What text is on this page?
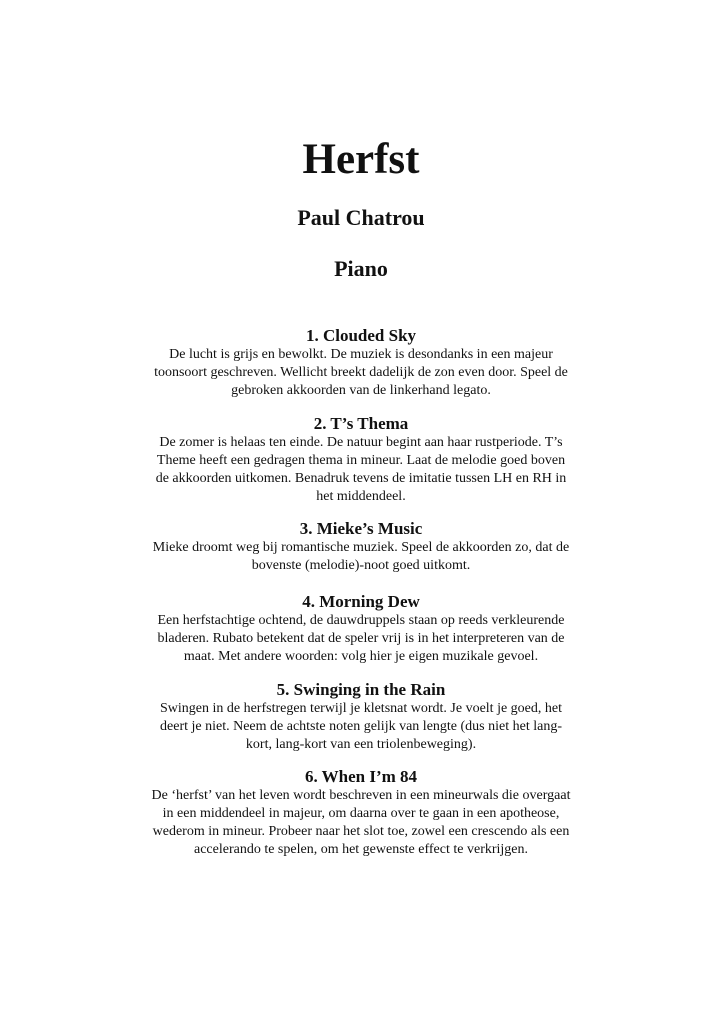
Herfst
Paul Chatrou
Piano
1. Clouded Sky
De lucht is grijs en bewolkt. De muziek is desondanks in een majeur
toonsoort geschreven. Wellicht breekt dadelijk de zon even door. Speel de
gebroken akkoorden van de linkerhand legato.
2. T’s Thema
De zomer is helaas ten einde. De natuur begint aan haar rustperiode. T’s
Theme heeft een gedragen thema in mineur. Laat de melodie goed boven
de akkoorden uitkomen. Benadruk tevens de imitatie tussen LH en RH in
het middendeel.
3. Mieke’s Music
Mieke droomt weg bij romantische muziek. Speel de akkoorden zo, dat de
bovenste (melodie)-noot goed uitkomt.
4. Morning Dew
Een herfstachtige ochtend, de dauwdruppels staan op reeds verkleurende
bladeren. Rubato betekent dat de speler vrij is in het interpreteren van de
maat. Met andere woorden: volg hier je eigen muzikale gevoel.
5. Swinging in the Rain
Swingen in de herfstregen terwijl je kletsnat wordt. Je voelt je goed, het
deert je niet. Neem de achtste noten gelijk van lengte (dus niet het lang-
kort, lang-kort van een triolenbeweging).
6. When I’m 84
De ‘herfst’ van het leven wordt beschreven in een mineurwals die overgaat
in een middendeel in majeur, om daarna over te gaan in een apotheose,
wederom in mineur. Probeer naar het slot toe, zowel een crescendo als een
accelerando te spelen, om het gewenste effect te verkrijgen.
